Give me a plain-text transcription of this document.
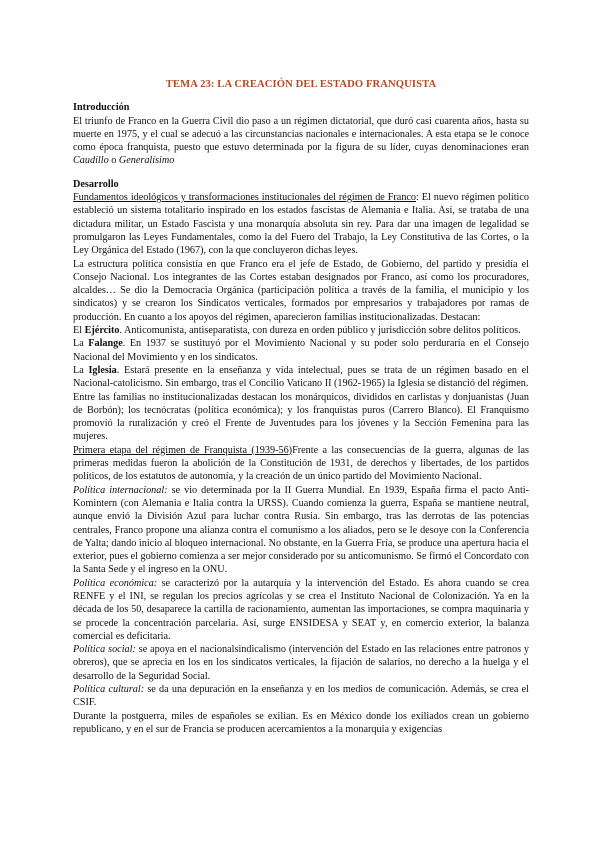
TEMA 23: LA CREACIÓN DEL ESTADO FRANQUISTA

Introducción

El triunfo de Franco en la Guerra Civil dio paso a un régimen dictatorial, que duró casi cuarenta años, hasta su muerte en 1975, y el cual se adecuó a las circunstancias nacionales e internacionales. A esta etapa se le conoce como época franquista, puesto que estuvo determinada por la figura de su líder, cuyas denominaciones eran Caudillo o Generalísimo

Desarrollo

Fundamentos ideológicos y transformaciones institucionales del régimen de Franco: El nuevo régimen político estableció un sistema totalitario inspirado en los estados fascistas de Alemania e Italia. Así, se trataba de una dictadura militar, un Estado Fascista y una monarquía absoluta sin rey. Para dar una imagen de legalidad se promulgaron las Leyes Fundamentales, como la del Fuero del Trabajo, la Ley Constitutiva de las Cortes, o la Ley Orgánica del Estado (1967), con la que concluyeron dichas leyes.

La estructura política consistía en que Franco era el jefe de Estado, de Gobierno, del partido y presidía el Consejo Nacional. Los integrantes de las Cortes estaban designados por Franco, así como los procuradores, alcaldes… Se dio la Democracia Orgánica (participación política a través de la familia, el municipio y los sindicatos) y se crearon los Sindicatos verticales, formados por empresarios y trabajadores por ramas de producción. En cuanto a los apoyos del régimen, aparecieron familias institucionalizadas. Destacan:

El Ejército. Anticomunista, antiseparatista, con dureza en orden público y jurisdicción sobre delitos políticos.

La Falange. En 1937 se sustituyó por el Movimiento Nacional y su poder solo perduraría en el Consejo Nacional del Movimiento y en los sindicatos.

La Iglesia. Estará presente en la enseñanza y vida intelectual, pues se trata de un régimen basado en el Nacional-catolicismo. Sin embargo, tras el Concilio Vaticano II (1962-1965) la Iglesia se distanció del régimen.

Entre las familias no institucionalizadas destacan los monárquicos, divididos en carlistas y donjuanistas (Juan de Borbón); los tecnócratas (política económica); y los franquistas puros (Carrero Blanco). El Franquismo promovió la ruralización y creó el Frente de Juventudes para los jóvenes y la Sección Femenina para las mujeres.

Primera etapa del régimen de Franquista (1939-56)Frente a las consecuencias de la guerra, algunas de las primeras medidas fueron la abolición de la Constitución de 1931, de derechos y libertades, de los partidos políticos, de los estatutos de autonomía, y la creación de un único partido del Movimiento Nacional.

Política internacional: se vio determinada por la II Guerra Mundial. En 1939, España firma el pacto Anti-Komintern (con Alemania e Italia contra la URSS). Cuando comienza la guerra, España se mantiene neutral, aunque envió la División Azul para luchar contra Rusia. Sin embargo, tras las derrotas de las potencias centrales, Franco propone una alianza contra el comunismo a los aliados, pero se le desoye con la Conferencia de Yalta; dando inicio al bloqueo internacional. No obstante, en la Guerra Fría, se produce una apertura hacia el exterior, pues el gobierno comienza a ser mejor considerado por su anticomunismo. Se firmó el Concordato con la Santa Sede y el ingreso en la ONU.

Política económica: se caracterizó por la autarquía y la intervención del Estado. Es ahora cuando se crea RENFE y el INI, se regulan los precios agrícolas y se crea el Instituto Nacional de Colonización. Ya en la década de los 50, desaparece la cartilla de racionamiento, aumentan las importaciones, se compra maquinaria y se procede la concentración parcelaria. Así, surge ENSIDESA y SEAT y, en comercio exterior, la balanza comercial es deficitaria.

Política social: se apoya en el nacionalsindicalismo (intervención del Estado en las relaciones entre patronos y obreros), que se aprecia en los en los sindicatos verticales, la fijación de salarios, no derecho a la huelga y el desarrollo de la Seguridad Social.

Política cultural: se da una depuración en la enseñanza y en los medios de comunicación. Además, se crea el CSIF.

Durante la postguerra, miles de españoles se exilian. Es en México donde los exiliados crean un gobierno republicano, y en el sur de Francia se producen acercamientos a la monarquía y exigencias
